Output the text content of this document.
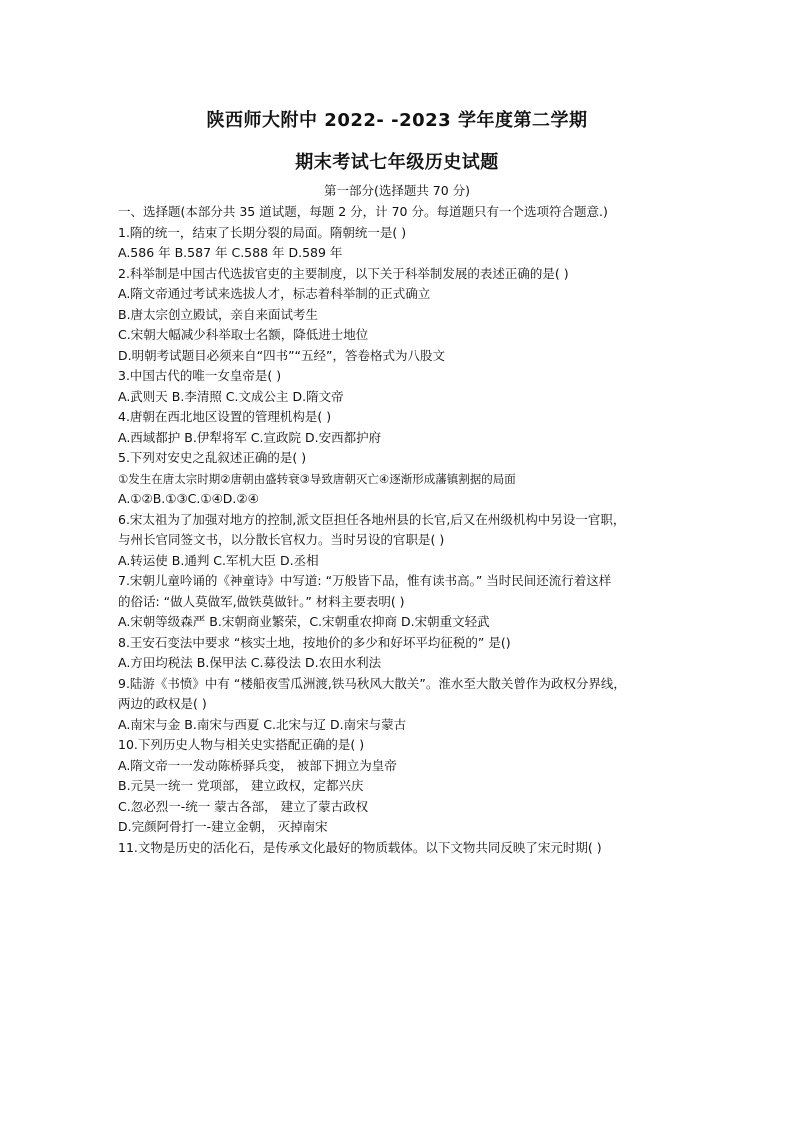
陕西师大附中 2022- -2023 学年度第二学期
期末考试七年级历史试题
第一部分(选择题共 70 分)
一、选择题(本部分共 35 道试题，每题 2 分，计 70 分。每道题只有一个选项符合题意.)
1.隋的统一，结束了长期分裂的局面。隋朝统一是( )
A.586 年 B.587 年 C.588 年 D.589 年
2.科举制是中国古代选拔官吏的主要制度，以下关于科举制发展的表述正确的是( )
A.隋文帝通过考试来选拔人才，标志着科举制的正式确立
B.唐太宗创立殿试，亲自来面试考生
C.宋朝大幅减少科举取士名额，降低进士地位
D.明朝考试题目必须来自“四书”“五经”，答卷格式为八股文
3.中国古代的唯一女皇帝是( )
A.武则天 B.李清照 C.文成公主 D.隋文帝
4.唐朝在西北地区设置的管理机构是( )
A.西域都护 B.伊犁将军 C.宣政院 D.安西都护府
5.下列对安史之乱叙述正确的是( )
①发生在唐太宗时期②唐朝由盛转衰③导致唐朝灭亡④逐渐形成藩镇割据的局面
A.①②B.①③C.①④D.②④
6.宋太祖为了加强对地方的控制,派文臣担任各地州县的长官,后又在州级机构中另设一官职，
与州长官同签文书，以分散长官权力。当时另设的官职是( )
A.转运使 B.通判 C.军机大臣 D.丞相
7.宋朝儿童吟诵的《神童诗》中写道: “万般皆下品，惟有读书高。” 当时民间还流行着这样
的俗话: “做人莫做军,做铁莫做针。” 材料主要表明( )
A.宋朝等级森严 B.宋朝商业繁荣，C.宋朝重农抑商 D.宋朝重文轻武
8.王安石变法中要求 “核实土地，按地价的多少和好坏平均征税的” 是()
A.方田均税法 B.保甲法 C.募役法 D.农田水利法
9.陆游《书愤》中有 “楼船夜雪瓜洲渡,铁马秋风大散关”。淮水至大散关曾作为政权分界线，
两边的政权是( )
A.南宋与金 B.南宋与西夏 C.北宋与辽 D.南宋与蒙古
10.下列历史人物与相关史实搭配正确的是( )
A.隋文帝一一发动陈桥驿兵变， 被部下拥立为皇帝
B.元昊一统一 党项部， 建立政权，定都兴庆
C.忽必烈一-统一 蒙古各部， 建立了蒙古政权
D.完颜阿骨打一-建立金朝， 灭掉南宋
11.文物是历史的活化石，是传承文化最好的物质载体。以下文物共同反映了宋元时期( )
